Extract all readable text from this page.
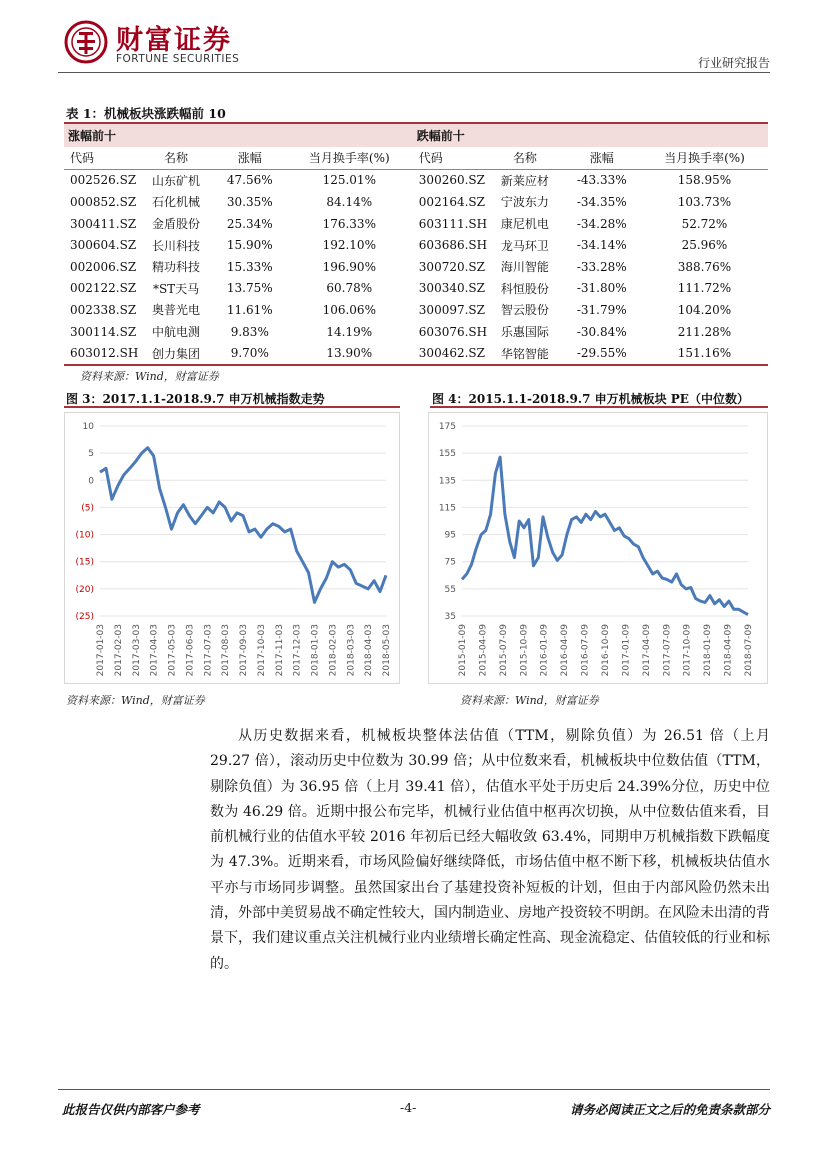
财富证券
FORTUNE SECURITIES	行业研究报告
表 1：机械板块涨跌幅前 10
涨幅前十				跌幅前十			
代码	名称	涨幅	当月换手率(%)	代码	名称	涨幅	当月换手率(%)
002526.SZ	山东矿机	47.56%	125.01%	300260.SZ	新莱应材	-43.33%	158.95%
000852.SZ	石化机械	30.35%	84.14%	002164.SZ	宁波东力	-34.35%	103.73%
300411.SZ	金盾股份	25.34%	176.33%	603111.SH	康尼机电	-34.28%	52.72%
300604.SZ	长川科技	15.90%	192.10%	603686.SH	龙马环卫	-34.14%	25.96%
002006.SZ	精功科技	15.33%	196.90%	300720.SZ	海川智能	-33.28%	388.76%
002122.SZ	*ST天马	13.75%	60.78%	300340.SZ	科恒股份	-31.80%	111.72%
002338.SZ	奥普光电	11.61%	106.06%	300097.SZ	智云股份	-31.79%	104.20%
300114.SZ	中航电测	9.83%	14.19%	603076.SH	乐惠国际	-30.84%	211.28%
603012.SH	创力集团	9.70%	13.90%	300462.SZ	华铭智能	-29.55%	151.16%
资料来源：Wind，财富证券
图 3：2017.1.1-2018.9.7 申万机械指数走势	图 4：2015.1.1-2018.9.7 申万机械板块 PE（中位数）
10
5
0
(5)
(10)
(15)
(20)
(25)
2017-01-03 2017-02-03 2017-03-03 2017-04-03 2017-05-03 2017-06-03 2017-07-03 2017-08-03 2017-09-03 2017-10-03 2017-11-03 2017-12-03 2018-01-03 2018-02-03 2018-03-03 2018-04-03 2018-05-03
175
155
135
115
95
75
55
35
2015-01-09 2015-04-09 2015-07-09 2015-10-09 2016-01-09 2016-04-09 2016-07-09 2016-10-09 2017-01-09 2017-04-09 2017-07-09 2017-10-09 2018-01-09 2018-04-09 2018-07-09
资料来源：Wind，财富证券	资料来源：Wind，财富证券

从历史数据来看，机械板块整体法估值（TTM，剔除负值）为 26.51 倍（上月 29.27 倍），滚动历史中位数为 30.99 倍；从中位数来看，机械板块中位数估值（TTM，剔除负值）为 36.95 倍（上月 39.41 倍），估值水平处于历史后 24.39%分位，历史中位数为 46.29 倍。近期中报公布完毕，机械行业估值中枢再次切换，从中位数估值来看，目前机械行业的估值水平较 2016 年初后已经大幅收敛 63.4%，同期申万机械指数下跌幅度为 47.3%。近期来看，市场风险偏好继续降低，市场估值中枢不断下移，机械板块估值水平亦与市场同步调整。虽然国家出台了基建投资补短板的计划，但由于内部风险仍然未出清，外部中美贸易战不确定性较大，国内制造业、房地产投资较不明朗。在风险未出清的背景下，我们建议重点关注机械行业内业绩增长确定性高、现金流稳定、估值较低的行业和标的。

此报告仅供内部客户参考	-4-	请务必阅读正文之后的免责条款部分
